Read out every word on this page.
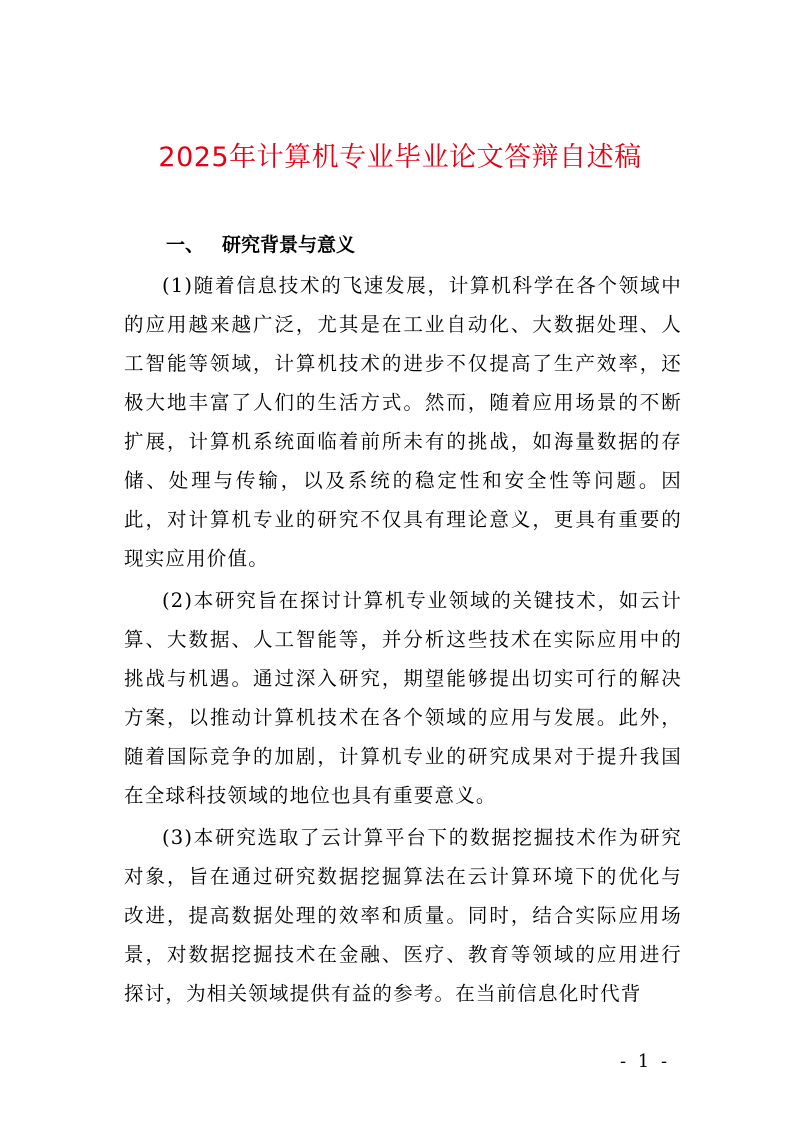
2025年计算机专业毕业论文答辩自述稿
一、 研究背景与意义

(1)随着信息技术的飞速发展，计算机科学在各个领域中的应用越来越广泛，尤其是在工业自动化、大数据处理、人工智能等领域，计算机技术的进步不仅提高了生产效率，还极大地丰富了人们的生活方式。然而，随着应用场景的不断扩展，计算机系统面临着前所未有的挑战，如海量数据的存储、处理与传输，以及系统的稳定性和安全性等问题。因此，对计算机专业的研究不仅具有理论意义，更具有重要的现实应用价值。

(2)本研究旨在探讨计算机专业领域的关键技术，如云计算、大数据、人工智能等，并分析这些技术在实际应用中的挑战与机遇。通过深入研究，期望能够提出切实可行的解决方案，以推动计算机技术在各个领域的应用与发展。此外，随着国际竞争的加剧，计算机专业的研究成果对于提升我国在全球科技领域的地位也具有重要意义。

(3)本研究选取了云计算平台下的数据挖掘技术作为研究对象，旨在通过研究数据挖掘算法在云计算环境下的优化与改进，提高数据处理的效率和质量。同时，结合实际应用场景，对数据挖掘技术在金融、医疗、教育等领域的应用进行探讨，为相关领域提供有益的参考。在当前信息化时代背

- 1 -
